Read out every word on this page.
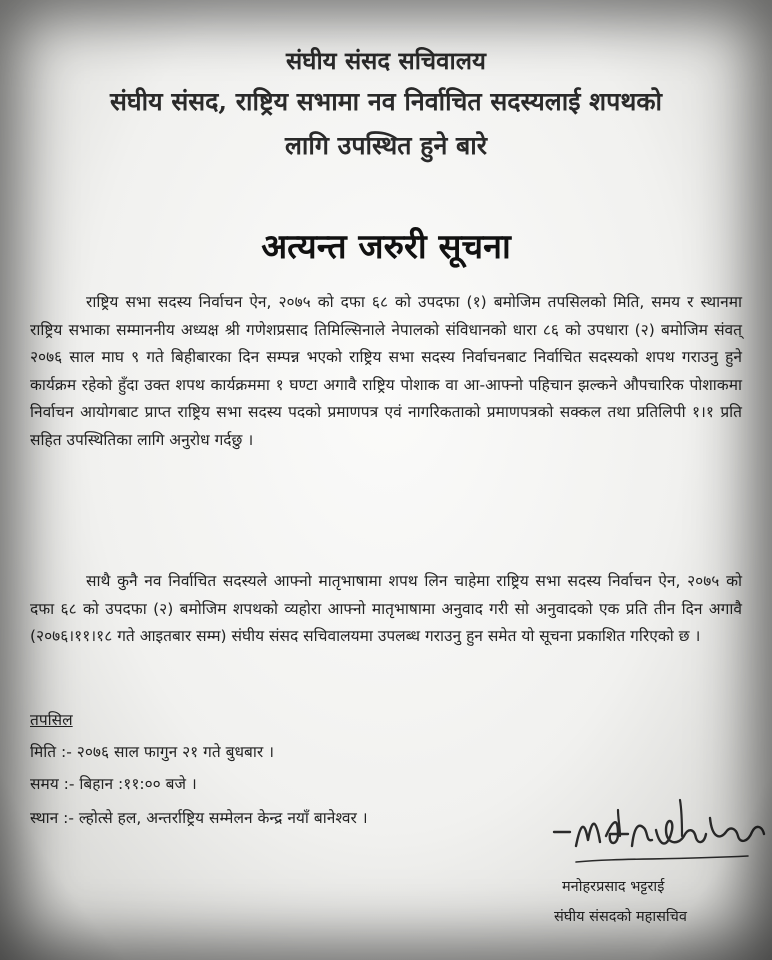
संघीय संसद सचिवालय
संघीय संसद, राष्ट्रिय सभामा नव निर्वाचित सदस्यलाई शपथको
लागि उपस्थित हुने बारे
अत्यन्त जरुरी सूचना
राष्ट्रिय सभा सदस्य निर्वाचन ऐन, २०७५ को दफा ६८ को उपदफा (१) बमोजिम तपसिलको मिति, समय र स्थानमा राष्ट्रिय सभाका सम्माननीय अध्यक्ष श्री गणेशप्रसाद तिमिल्सिनाले नेपालको संविधानको धारा ८६ को उपधारा (२) बमोजिम संवत् २०७६ साल माघ ९ गते बिहीबारका दिन सम्पन्न भएको राष्ट्रिय सभा सदस्य निर्वाचनबाट निर्वाचित सदस्यको शपथ गराउनु हुने कार्यक्रम रहेको हुँदा उक्त शपथ कार्यक्रममा १ घण्टा अगावै राष्ट्रिय पोशाक वा आ-आफ्नो पहिचान झल्कने औपचारिक पोशाकमा निर्वाचन आयोगबाट प्राप्त राष्ट्रिय सभा सदस्य पदको प्रमाणपत्र एवं नागरिकताको प्रमाणपत्रको सक्कल तथा प्रतिलिपी १।१ प्रति सहित उपस्थितिका लागि अनुरोध गर्दछु ।
साथै कुनै नव निर्वाचित सदस्यले आफ्नो मातृभाषामा शपथ लिन चाहेमा राष्ट्रिय सभा सदस्य निर्वाचन ऐन, २०७५ को दफा ६८ को उपदफा (२) बमोजिम शपथको व्यहोरा आफ्नो मातृभाषामा अनुवाद गरी सो अनुवादको एक प्रति तीन दिन अगावै (२०७६।११।१८ गते आइतबार सम्म) संघीय संसद सचिवालयमा उपलब्ध गराउनु हुन समेत यो सूचना प्रकाशित गरिएको छ ।
तपसिल
मिति :- २०७६ साल फागुन २१ गते बुधबार ।
समय :- बिहान :११:०० बजे ।
स्थान :- ल्होत्से हल, अन्तर्राष्ट्रिय सम्मेलन केन्द्र नयाँ बानेश्वर ।
मनोहरप्रसाद भट्टराई
संघीय संसदको महासचिव
